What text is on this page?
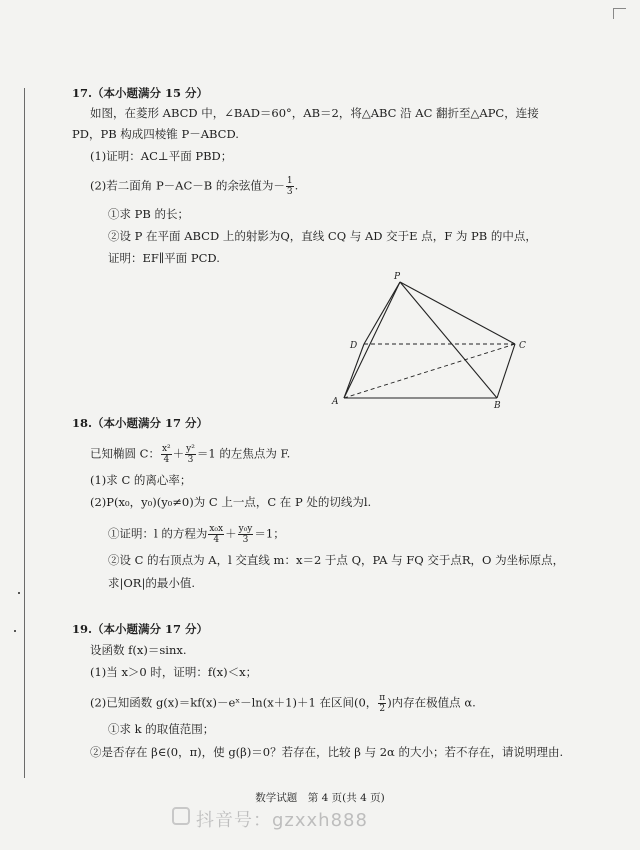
17.（本小题满分 15 分）
如图，在菱形 ABCD 中，∠BAD＝60°，AB＝2，将△ABC 沿 AC 翻折至△APC，连接
PD，PB 构成四棱锥 P－ABCD.
(1)证明：AC⊥平面 PBD；
(2)若二面角 P－AC－B 的余弦值为－ $\frac{1}{3}$ .
①求 PB 的长；
②设 P 在平面 ABCD 上的射影为Q，直线 CQ 与 AD 交于E 点，F 为 PB 的中点，
证明：EF∥平面 PCD.
P
D	C
A	B
18.（本小题满分 17 分）
已知椭圆 C： $\frac{\text{x²}}{4} + \frac{\text{y²}}{3} =1$ 的左焦点为 F.
(1)求 C 的离心率；
(2)P(x₀，y₀)(y₀≠0)为 C 上一点，C 在 P 处的切线为l.
①证明：l 的方程为 $\frac{\text{x₀x}}{4} + \frac{\text{y₀y}}{3} =1$；
②设 C 的右顶点为 A，l 交直线 m：x＝2 于点 Q，PA 与 FQ 交于点R，O 为坐标原点，
求|OR|的最小值.
19.（本小题满分 17 分）
设函数 f(x)＝sinx.
(1)当 x＞0 时，证明：f(x)＜x；
(2)已知函数 g(x)＝kf(x)－eˣ－ln(x＋1)＋1 在区间(0， $\frac{\pi}{2}$ )内存在极值点 α.
①求 k 的取值范围；
②是否存在 β∈(0，π)，使 g(β)＝0？若存在，比较 β 与 2α 的大小；若不存在，请说明理由.
数学试题　第 4 页(共 4 页)
抖音号：gzxxh888
